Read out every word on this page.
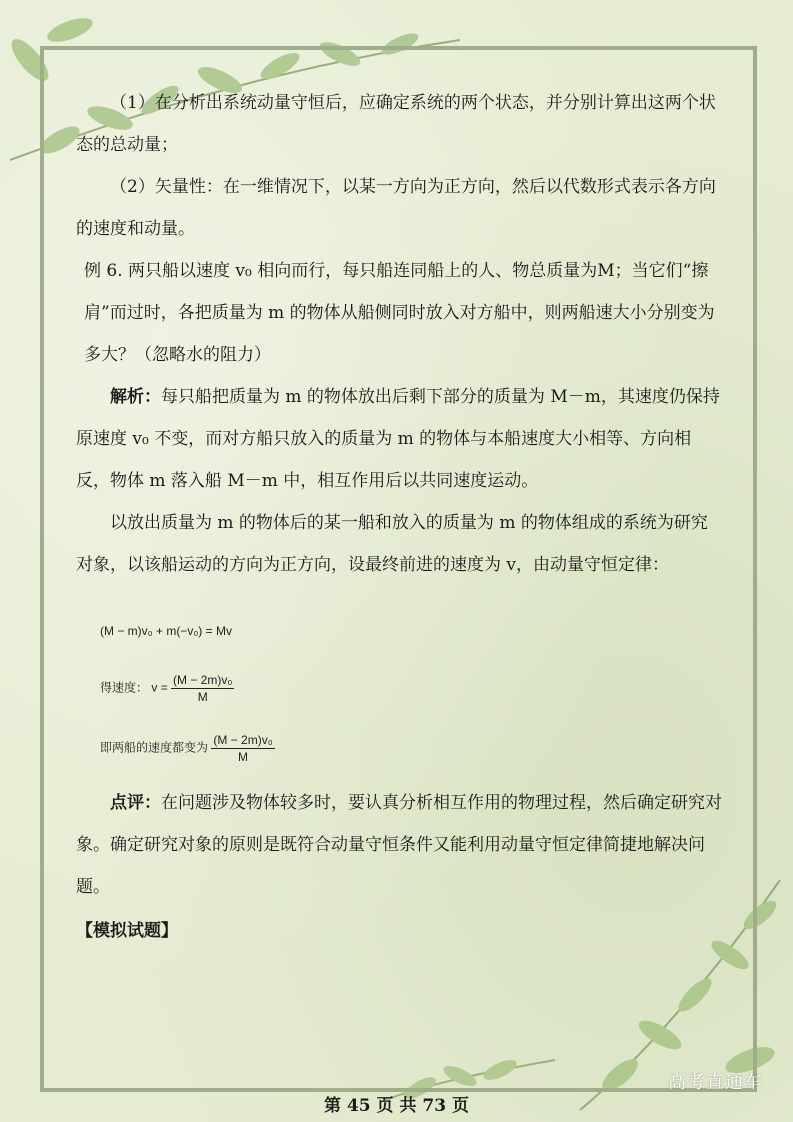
（1）在分析出系统动量守恒后，应确定系统的两个状态，并分别计算出这两个状态的总动量；

（2）矢量性：在一维情况下，以某一方向为正方向，然后以代数形式表示各方向的速度和动量。

例 6. 两只船以速度 v₀ 相向而行，每只船连同船上的人、物总质量为M；当它们“擦肩”而过时，各把质量为 m 的物体从船侧同时放入对方船中，则两船速大小分别变为多大？（忽略水的阻力）

解析：每只船把质量为 m 的物体放出后剩下部分的质量为 M－m，其速度仍保持原速度 v₀ 不变，而对方船只放入的质量为 m 的物体与本船速度大小相等、方向相反，物体 m 落入船 M－m 中，相互作用后以共同速度运动。

以放出质量为 m 的物体后的某一船和放入的质量为 m 的物体组成的系统为研究对象，以该船运动的方向为正方向，设最终前进的速度为 v，由动量守恒定律：

(M − m)v₀ + m(−v₀) = Mv
得速度： $v = \frac{\text{(M − 2m)v₀}}{M}$
即两船的速度都变为 $\frac{\text{(M − 2m)v₀}}{M}$

点评：在问题涉及物体较多时，要认真分析相互作用的物理过程，然后确定研究对象。确定研究对象的原则是既符合动量守恒条件又能利用动量守恒定律简捷地解决问题。

【模拟试题】

第 45 页 共 73 页
高考直通车
